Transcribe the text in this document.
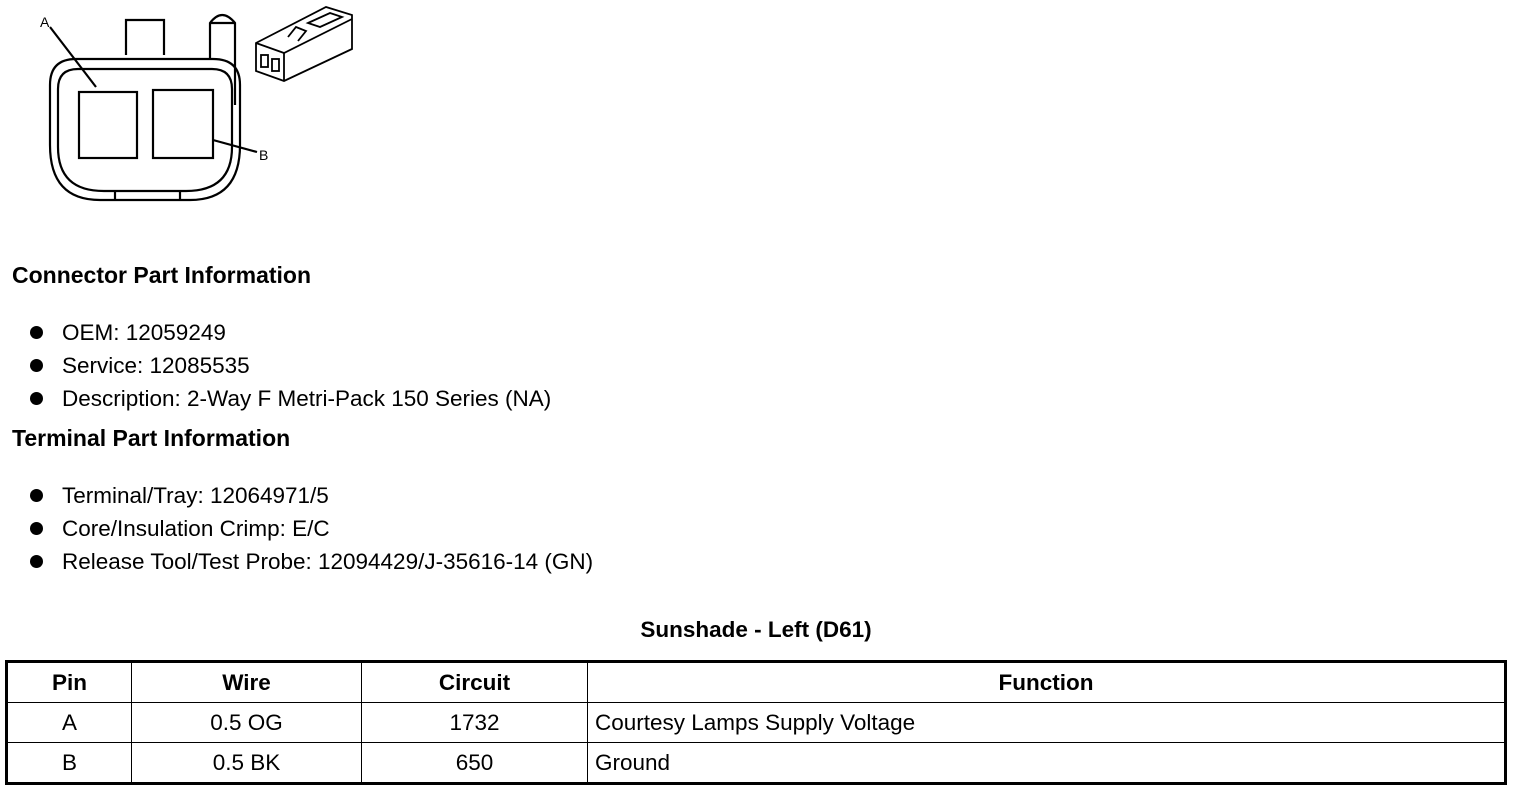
A
B
Connector Part Information
OEM: 12059249
Service: 12085535
Description: 2-Way F Metri-Pack 150 Series (NA)
Terminal Part Information
Terminal/Tray: 12064971/5
Core/Insulation Crimp: E/C
Release Tool/Test Probe: 12094429/J-35616-14 (GN)
Sunshade - Left (D61)
Pin	Wire	Circuit	Function
A	0.5 OG	1732	Courtesy Lamps Supply Voltage
B	0.5 BK	650	Ground
